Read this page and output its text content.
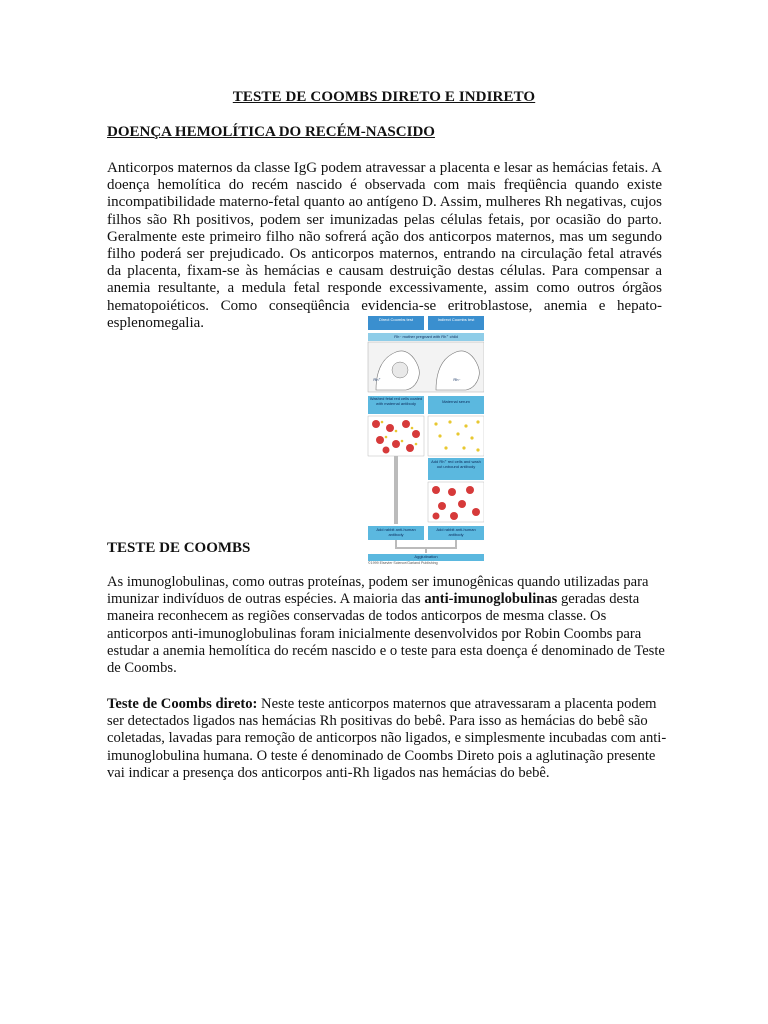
TESTE DE COOMBS DIRETO E INDIRETO
DOENÇA HEMOLÍTICA DO RECÉM-NASCIDO

Anticorpos maternos da classe IgG podem atravessar a placenta e lesar as hemácias fetais. A doença hemolítica do recém nascido é observada com mais freqüência quando existe incompatibilidade materno-fetal quanto ao antígeno D. Assim, mulheres Rh negativas, cujos filhos são Rh positivos, podem ser imunizadas pelas células fetais, por ocasião do parto. Geralmente este primeiro filho não sofrerá ação dos anticorpos maternos, mas um segundo filho poderá ser prejudicado. Os anticorpos maternos, entrando na circulação fetal através da placenta, fixam-se às hemácias e causam destruição destas células. Para compensar a anemia resultante, a medula fetal responde excessivamente, assim como outros órgãos hematopoiéticos. Como conseqüência evidencia-se eritroblastose, anemia e hepato-esplenomegalia.	Direct Coombs test	Indirect Coombs test
Rh⁻ mother pregnant with Rh⁺ child
Rh⁺	Rh⁻
Washed fetal red cells coated with maternal antibody	Maternal serum
Add Rh⁺ red cells and wash out unbound antibody
Add rabbit anti-human antibody
Add rabbit anti-human antibody
Agglutination
©1999 Elsevier Science/Garland Publishing
TESTE DE COOMBS

As imunoglobulinas, como outras proteínas, podem ser imunogênicas quando utilizadas para imunizar indivíduos de outras espécies. A maioria das anti-imunoglobulinas geradas desta maneira reconhecem as regiões conservadas de todos anticorpos de mesma classe. Os anticorpos anti-imunoglobulinas foram inicialmente desenvolvidos por Robin Coombs para estudar a anemia hemolítica do recém nascido e o teste para esta doença é denominado de Teste de Coombs.

Teste de Coombs direto: Neste teste anticorpos maternos que atravessaram a placenta podem ser detectados ligados nas hemácias Rh positivas do bebê. Para isso as hemácias do bebê são coletadas, lavadas para remoção de anticorpos não ligados, e simplesmente incubadas com anti-imunoglobulina humana. O teste é denominado de Coombs Direto pois a aglutinação presente vai indicar a presença dos anticorpos anti-Rh ligados nas hemácias do bebê.
